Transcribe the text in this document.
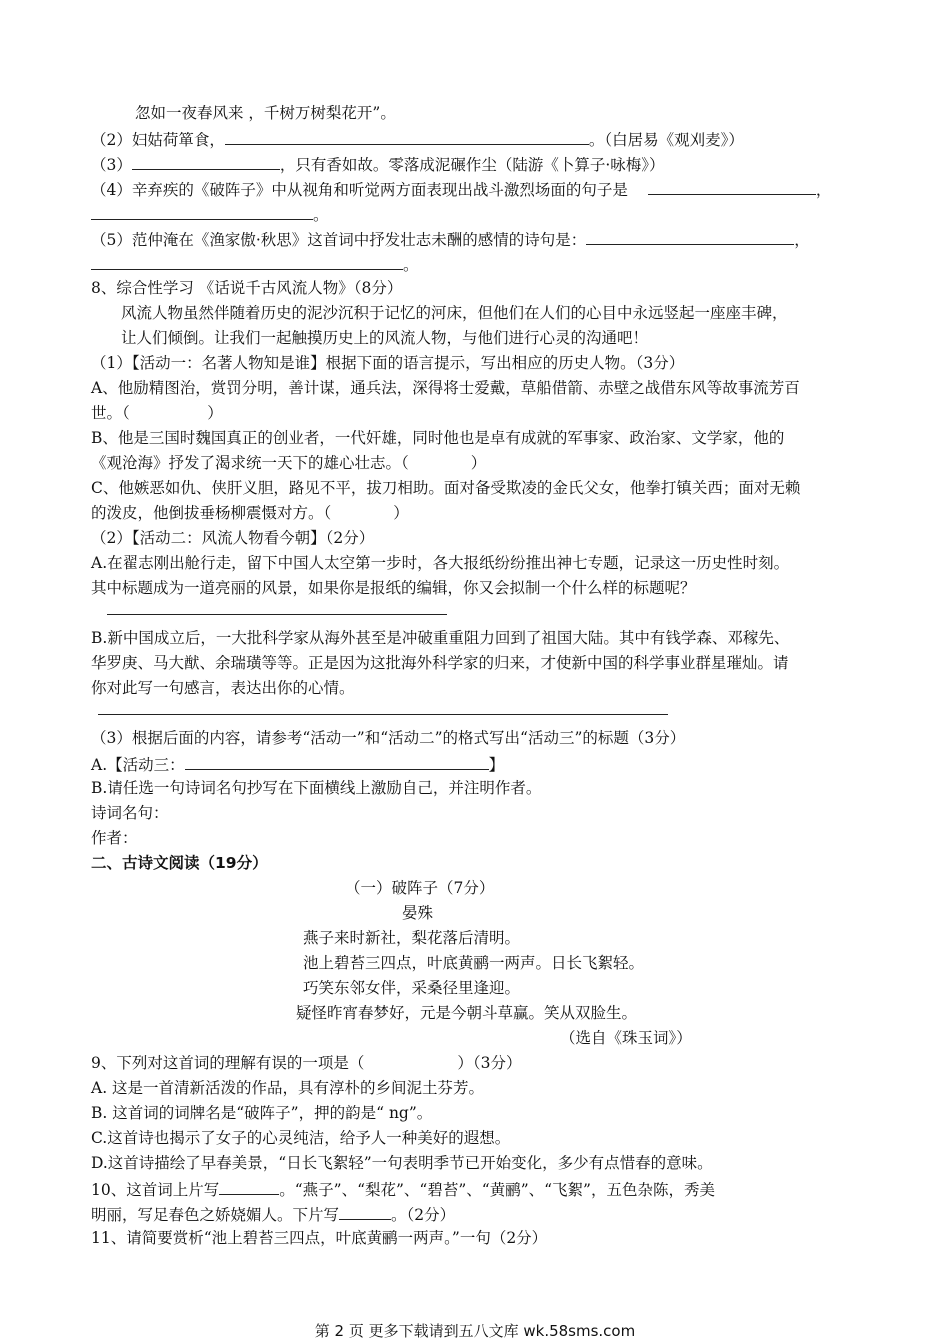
忽如一夜春风来 ，千树万树梨花开”。
（2）妇姑荷箪食，	。（白居易《观刈麦》）
（3）	，只有香如故。零落成泥碾作尘（陆游《卜算子·咏梅》）
（4）辛弃疾的《破阵子》中从视角和听觉两方面表现出战斗激烈场面的句子是	，
。
（5）范仲淹在《渔家傲·秋思》这首词中抒发壮志未酬的感情的诗句是：	，
。
8、综合性学习 《话说千古风流人物》（8分）
风流人物虽然伴随着历史的泥沙沉积于记忆的河床，但他们在人们的心目中永远竖起一座座丰碑，
让人们倾倒。让我们一起触摸历史上的风流人物，与他们进行心灵的沟通吧！
（1）【活动一：名著人物知是谁】根据下面的语言提示，写出相应的历史人物。（3分）
A、他励精图治，赏罚分明，善计谋，通兵法，深得将士爱戴，草船借箭、赤壁之战借东风等故事流芳百
世。（　　　　　）
B、他是三国时魏国真正的创业者，一代奸雄，同时他也是卓有成就的军事家、政治家、文学家，他的
《观沧海》抒发了渴求统一天下的雄心壮志。（　　　　）
C、他嫉恶如仇、侠肝义胆，路见不平，拔刀相助。面对备受欺凌的金氏父女，他拳打镇关西；面对无赖
的泼皮，他倒拔垂杨柳震慑对方。（　　　　）
（2）【活动二：风流人物看今朝】（2分）
A.在翟志刚出舱行走，留下中国人太空第一步时，各大报纸纷纷推出神七专题，记录这一历史性时刻。
其中标题成为一道亮丽的风景，如果你是报纸的编辑，你又会拟制一个什么样的标题呢？
B.新中国成立后，一大批科学家从海外甚至是冲破重重阻力回到了祖国大陆。其中有钱学森、邓稼先、
华罗庚、马大猷、余瑞璜等等。正是因为这批海外科学家的归来，才使新中国的科学事业群星璀灿。请
你对此写一句感言，表达出你的心情。
（3）根据后面的内容，请参考“活动一”和“活动二”的格式写出“活动三”的标题（3分）
A.【活动三：	】
B.请任选一句诗词名句抄写在下面横线上激励自己，并注明作者。
诗词名句：
作者：
二、古诗文阅读（19分）
（一）破阵子（7分）
晏殊
燕子来时新社，梨花落后清明。
池上碧苔三四点，叶底黄鹂一两声。日长飞絮轻。
巧笑东邻女伴，采桑径里逢迎。
疑怪昨宵春梦好，元是今朝斗草赢。笑从双脸生。
（选自《珠玉词》）
9、下列对这首词的理解有误的一项是（　　　　　　）（3分）
A. 这是一首清新活泼的作品，具有淳朴的乡间泥土芬芳。
B. 这首词的词牌名是“破阵子”，押的韵是“ ng”。
C.这首诗也揭示了女子的心灵纯洁，给予人一种美好的遐想。
D.这首诗描绘了早春美景，“日长飞絮轻”一句表明季节已开始变化，多少有点惜春的意味。
10、这首词上片写	。“燕子”、“梨花”、“碧苔”、“黄鹂”、“飞絮”，五色杂陈，秀美
明丽，写足春色之娇娆媚人。下片写	。（2分）
11、请简要赏析“池上碧苔三四点，叶底黄鹂一两声。”一句（2分）
第 2 页 更多下载请到五八文库 wk.58sms.com
